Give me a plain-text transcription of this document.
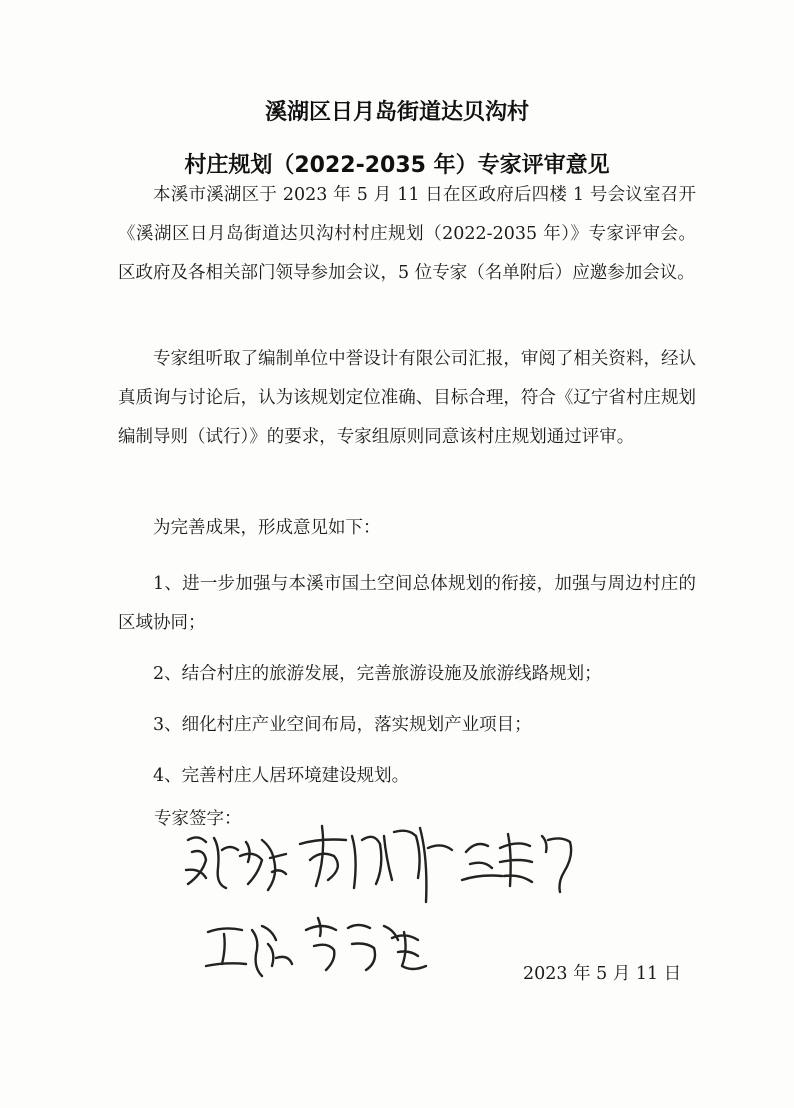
溪湖区日月岛街道达贝沟村
村庄规划（2022-2035 年）专家评审意见
本溪市溪湖区于 2023 年 5 月 11 日在区政府后四楼 1 号会议室召开《溪湖区日月岛街道达贝沟村村庄规划（2022-2035 年）》专家评审会。区政府及各相关部门领导参加会议，5 位专家（名单附后）应邀参加会议。
专家组听取了编制单位中誉设计有限公司汇报，审阅了相关资料，经认真质询与讨论后，认为该规划定位准确、目标合理，符合《辽宁省村庄规划编制导则（试行）》的要求，专家组原则同意该村庄规划通过评审。
为完善成果，形成意见如下：
1、进一步加强与本溪市国土空间总体规划的衔接，加强与周边村庄的区域协同；
2、结合村庄的旅游发展，完善旅游设施及旅游线路规划；
3、细化村庄产业空间布局，落实规划产业项目；
4、完善村庄人居环境建设规划。
专家签字：
2023 年 5 月 11 日
